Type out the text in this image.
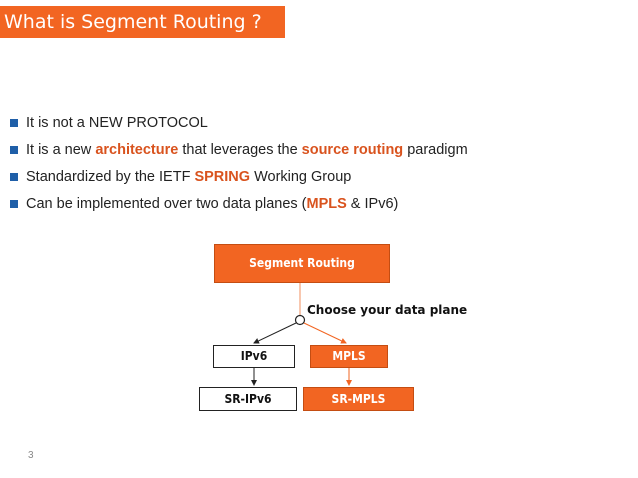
What is Segment Routing ?
It is not a NEW PROTOCOL
It is a new architecture that leverages the source routing paradigm
Standardized by the IETF SPRING Working Group
Can be implemented over two data planes (MPLS & IPv6)
Segment Routing
Choose your data plane
IPv6	MPLS
SR-IPv6	SR-MPLS
3
